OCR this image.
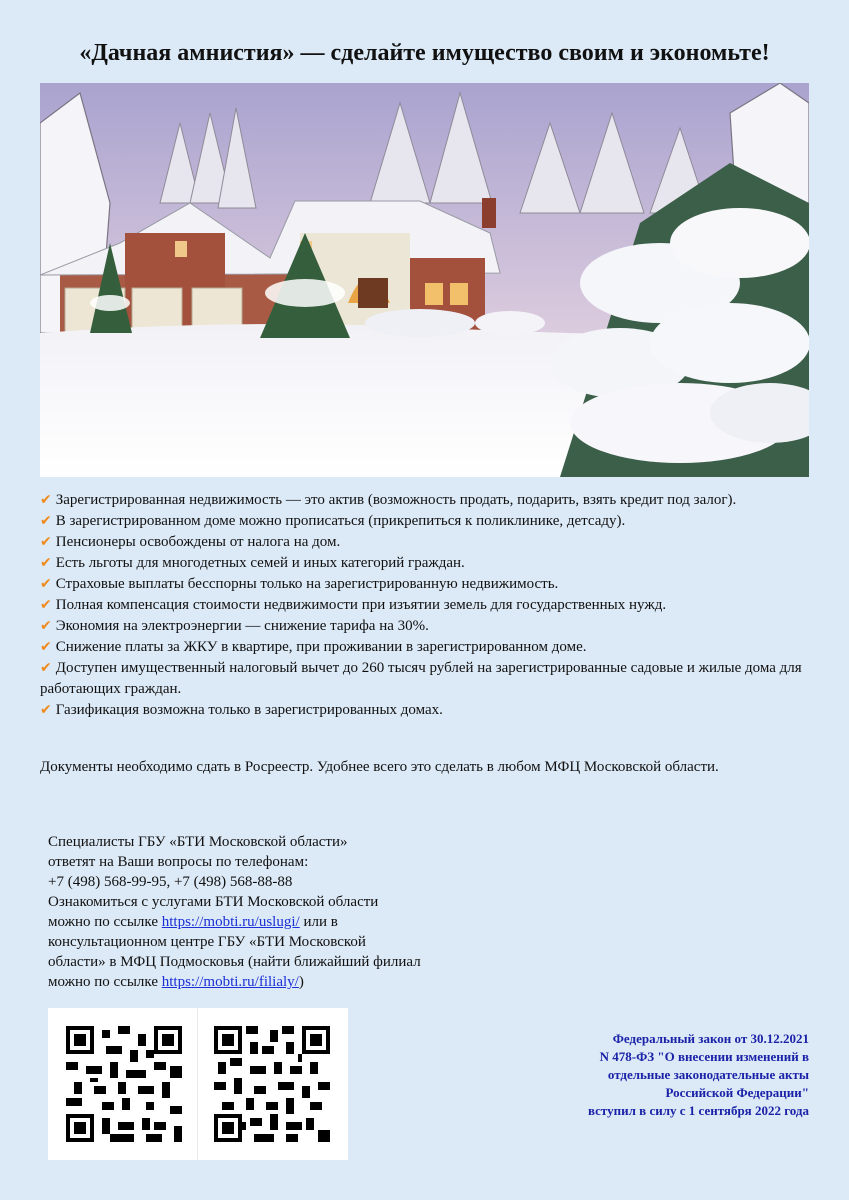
«Дачная амнистия» — сделайте имущество своим и экономьте!
✔ Зарегистрированная недвижимость — это актив (возможность продать, подарить, взять кредит под залог).
✔ В зарегистрированном доме можно прописаться (прикрепиться к поликлинике, детсаду).
✔ Пенсионеры освобождены от налога на дом.
✔ Есть льготы для многодетных семей и иных категорий граждан.
✔ Страховые выплаты бесспорны только на зарегистрированную недвижимость.
✔ Полная компенсация стоимости недвижимости при изъятии земель для государственных нужд.
✔ Экономия на электроэнергии — снижение тарифа на 30%.
✔ Снижение платы за ЖКУ в квартире, при проживании в зарегистрированном доме.
✔ Доступен имущественный налоговый вычет до 260 тысяч рублей на зарегистрированные садовые и жилые дома для работающих граждан.
✔ Газификация возможна только в зарегистрированных домах.
Документы необходимо сдать в Росреестр. Удобнее всего это сделать в любом МФЦ Московской области.
Специалисты ГБУ «БТИ Московской области»
ответят на Ваши вопросы по телефонам:
+7 (498) 568-99-95, +7 (498) 568-88-88
Ознакомиться с услугами БТИ Московской области
можно по ссылке https://mobti.ru/uslugi/ или в
консультационном центре ГБУ «БТИ Московской
области» в МФЦ Подмосковья (найти ближайший филиал
можно по ссылке https://mobti.ru/filialy/)
Федеральный закон от 30.12.2021
N 478-ФЗ "О внесении изменений в
отдельные законодательные акты
Российской Федерации"
вступил в силу с 1 сентября 2022 года
